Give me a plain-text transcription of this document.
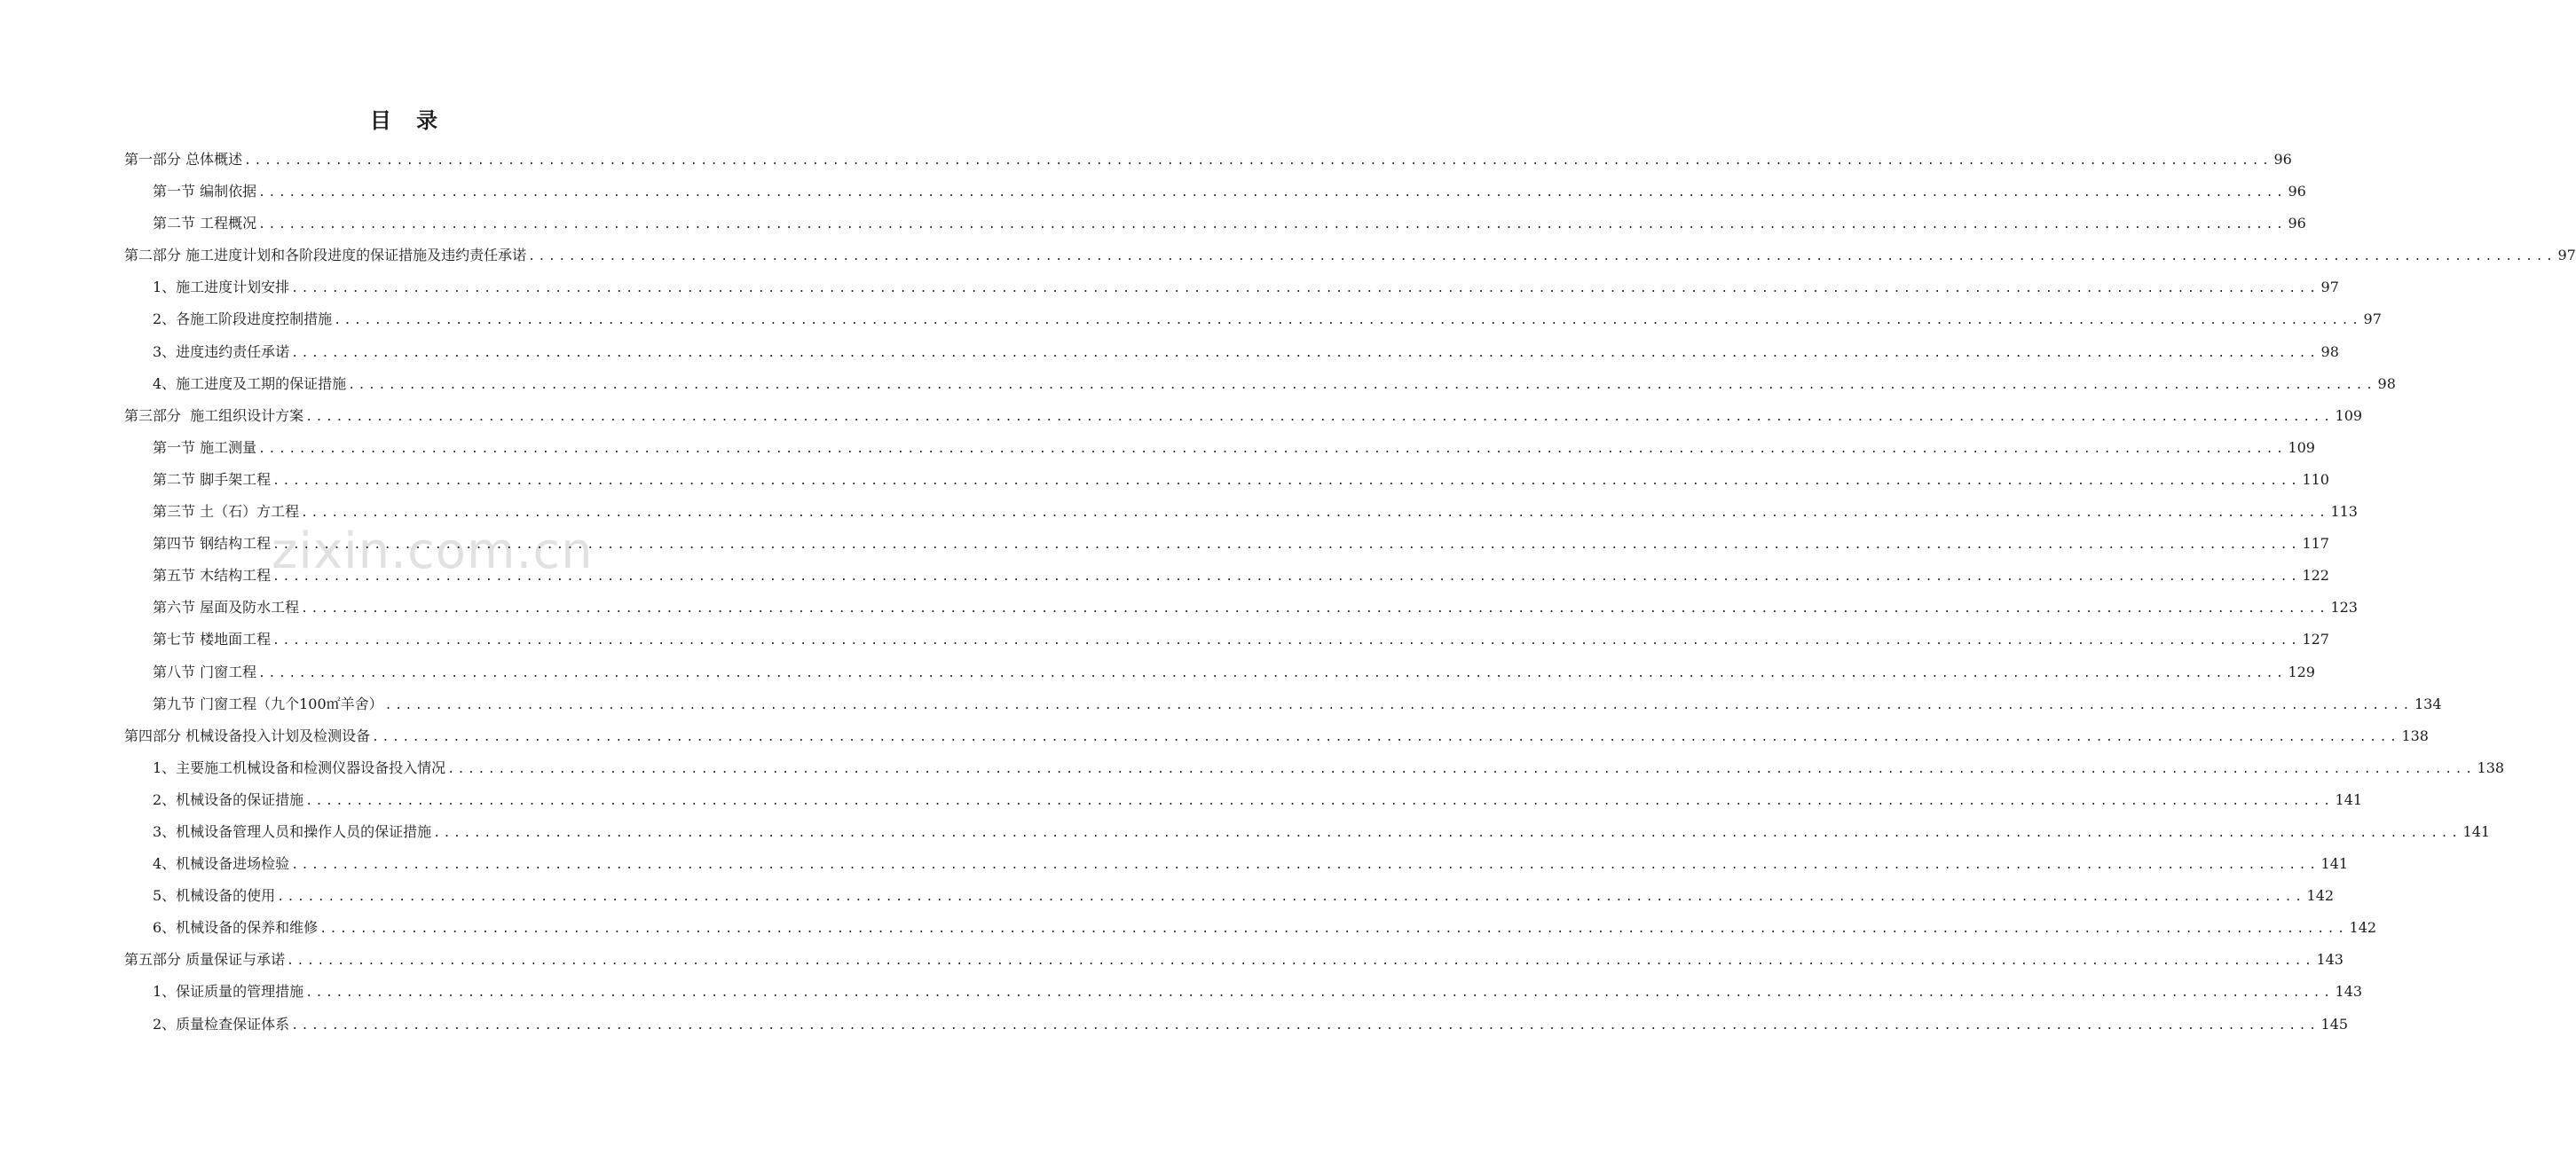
目 录
zixin.com.cn
第一部分 总体概述 ........................................................................................................................................................................................................ 96
第一节 编制依据 ........................................................................................................................................................................................................ 96
第二节 工程概况 ........................................................................................................................................................................................................ 96
第二部分 施工进度计划和各阶段进度的保证措施及违约责任承诺 ........................................................................................................................................................................................................ 97
1、施工进度计划安排 ........................................................................................................................................................................................................ 97
2、各施工阶段进度控制措施 ........................................................................................................................................................................................................ 97
3、进度违约责任承诺 ........................................................................................................................................................................................................ 98
4、施工进度及工期的保证措施 ........................................................................................................................................................................................................ 98
第三部分  施工组织设计方案 ........................................................................................................................................................................................................ 109
第一节 施工测量 ........................................................................................................................................................................................................ 109
第二节 脚手架工程 ........................................................................................................................................................................................................ 110
第三节 土（石）方工程 ........................................................................................................................................................................................................ 113
第四节 钢结构工程 ........................................................................................................................................................................................................ 117
第五节 木结构工程 ........................................................................................................................................................................................................ 122
第六节 屋面及防水工程 ........................................................................................................................................................................................................ 123
第七节 楼地面工程 ........................................................................................................................................................................................................ 127
第八节 门窗工程 ........................................................................................................................................................................................................ 129
第九节 门窗工程（九个100㎡羊舍） ........................................................................................................................................................................................................ 134
第四部分 机械设备投入计划及检测设备 ........................................................................................................................................................................................................ 138
1、主要施工机械设备和检测仪器设备投入情况 ........................................................................................................................................................................................................ 138
2、机械设备的保证措施 ........................................................................................................................................................................................................ 141
3、机械设备管理人员和操作人员的保证措施 ........................................................................................................................................................................................................ 141
4、机械设备进场检验 ........................................................................................................................................................................................................ 141
5、机械设备的使用 ........................................................................................................................................................................................................ 142
6、机械设备的保养和维修 ........................................................................................................................................................................................................ 142
第五部分 质量保证与承诺 ........................................................................................................................................................................................................ 143
1、保证质量的管理措施 ........................................................................................................................................................................................................ 143
2、质量检查保证体系 ........................................................................................................................................................................................................ 145
